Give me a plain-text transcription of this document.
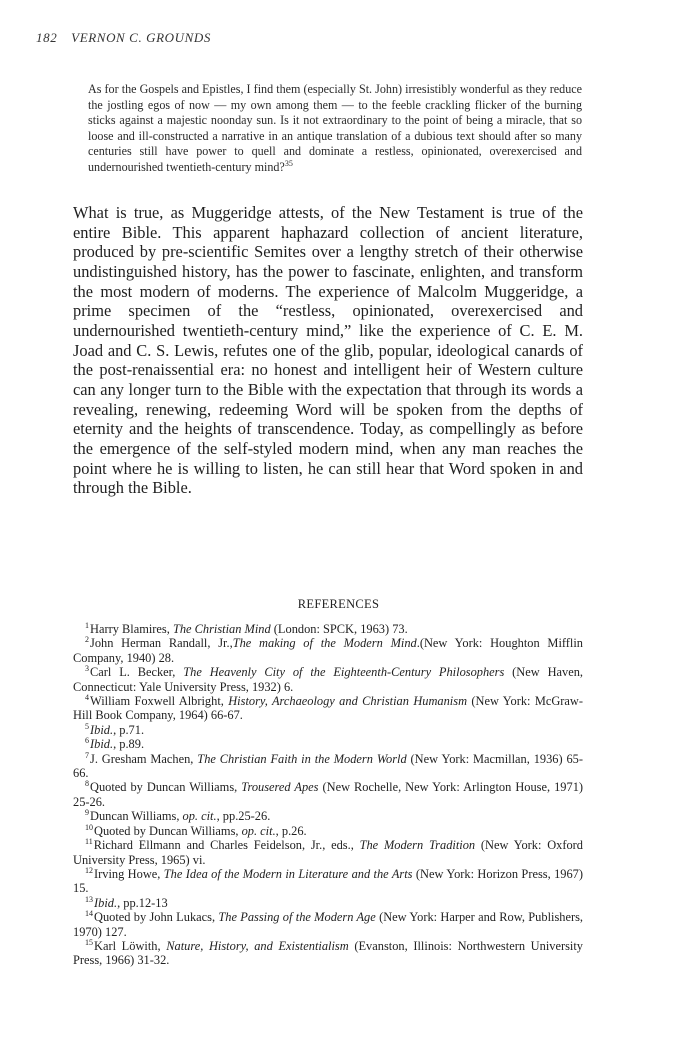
182 VERNON C. GROUNDS
As for the Gospels and Epistles, I find them (especially St. John) irresistibly wonderful as they reduce the jostling egos of now — my own among them — to the feeble crackling flicker of the burning sticks against a majestic noonday sun. Is it not extraordinary to the point of being a miracle, that so loose and ill-constructed a narrative in an antique translation of a dubious text should after so many centuries still have power to quell and dominate a restless, opinionated, overexercised and undernourished twentieth-century mind?$^{35}$
What is true, as Muggeridge attests, of the New Testament is true of the entire Bible. This apparent haphazard collection of ancient literature, produced by pre-scientific Semites over a lengthy stretch of their otherwise undistinguished history, has the power to fascinate, enlighten, and transform the most modern of moderns. The experience of Malcolm Muggeridge, a prime specimen of the “restless, opinionated, overexercised and undernourished twentieth-century mind,” like the experience of C. E. M. Joad and C. S. Lewis, refutes one of the glib, popular, ideological canards of the post-renaissential era: no honest and intelligent heir of Western culture can any longer turn to the Bible with the expectation that through its words a revealing, renewing, redeeming Word will be spoken from the depths of eternity and the heights of transcendence. Today, as compellingly as before the emergence of the self-styled modern mind, when any man reaches the point where he is willing to listen, he can still hear that Word spoken in and through the Bible.
REFERENCES

$^1$Harry Blamires, The Christian Mind (London: SPCK, 1963) 73.

$^2$John Herman Randall, Jr.,The making of the Modern Mind.(New York: Houghton Mifflin Company, 1940) 28.

$^3$Carl L. Becker, The Heavenly City of the Eighteenth-Century Philosophers (New Haven, Connecticut: Yale University Press, 1932) 6.

$^4$William Foxwell Albright, History, Archaeology and Christian Humanism (New York: McGraw-Hill Book Company, 1964) 66-67.

$^5$Ibid., p.71.

$^6$Ibid., p.89.

$^7$J. Gresham Machen, The Christian Faith in the Modern World (New York: Macmillan, 1936) 65-66.

$^8$Quoted by Duncan Williams, Trousered Apes (New Rochelle, New York: Arlington House, 1971) 25-26.

$^9$Duncan Williams, op. cit., pp.25-26.

$^{10}$Quoted by Duncan Williams, op. cit., p.26.

$^{11}$Richard Ellmann and Charles Feidelson, Jr., eds., The Modern Tradition (New York: Oxford University Press, 1965) vi.

$^{12}$Irving Howe, The Idea of the Modern in Literature and the Arts (New York: Horizon Press, 1967) 15.

$^{13}$Ibid., pp.12-13

$^{14}$Quoted by John Lukacs, The Passing of the Modern Age (New York: Harper and Row, Publishers, 1970) 127.

$^{15}$Karl Löwith, Nature, History, and Existentialism (Evanston, Illinois: Northwestern University Press, 1966) 31-32.
